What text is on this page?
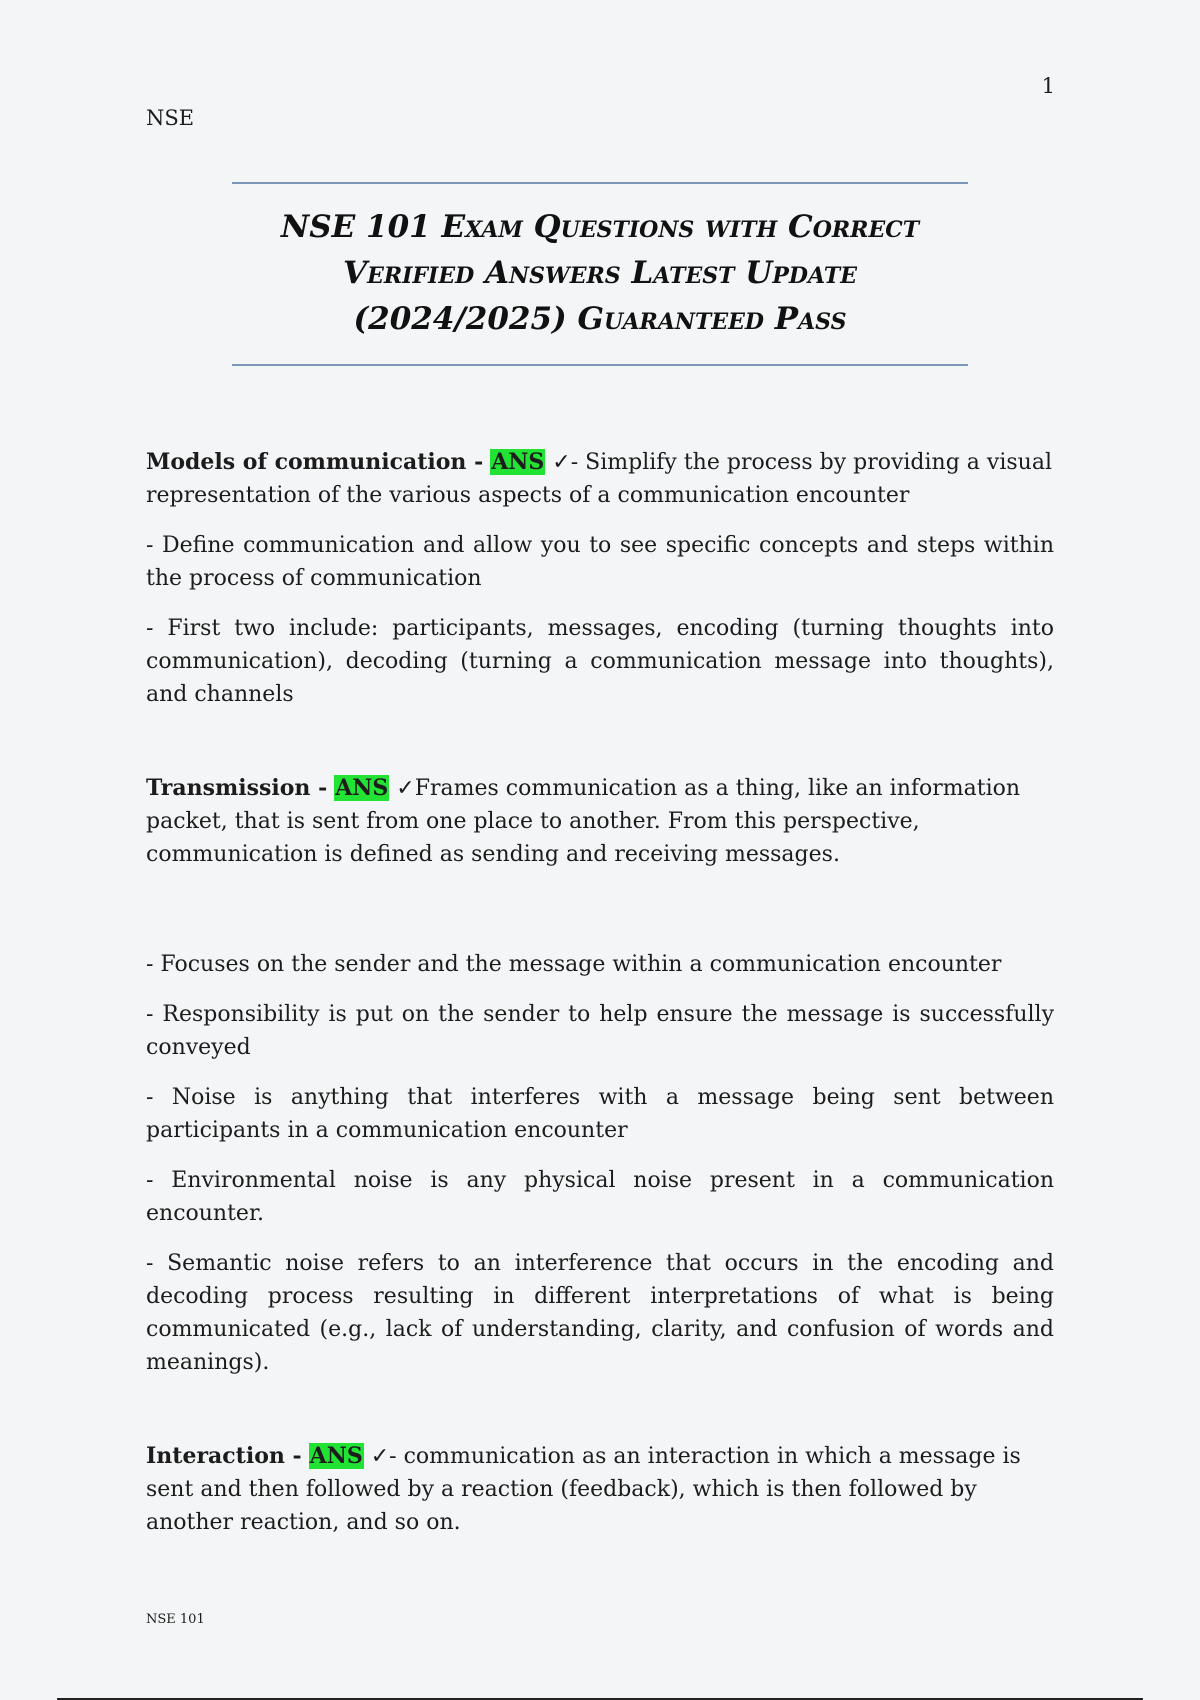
1
NSE

NSE 101 Exam Questions with Correct

Verified Answers Latest Update

(2024/2025) Guaranteed Pass

Models of communication - ANS ✓- Simplify the process by providing a visual representation of the various aspects of a communication encounter

- Define communication and allow you to see specific concepts and steps within the process of communication

- First two include: participants, messages, encoding (turning thoughts into communication), decoding (turning a communication message into thoughts), and channels

Transmission - ANS ✓Frames communication as a thing, like an information packet, that is sent from one place to another. From this perspective, communication is defined as sending and receiving messages.

- Focuses on the sender and the message within a communication encounter

- Responsibility is put on the sender to help ensure the message is successfully conveyed

- Noise is anything that interferes with a message being sent between participants in a communication encounter

- Environmental noise is any physical noise present in a communication encounter.

- Semantic noise refers to an interference that occurs in the encoding and decoding process resulting in different interpretations of what is being communicated (e.g., lack of understanding, clarity, and confusion of words and meanings).

Interaction - ANS ✓- communication as an interaction in which a message is sent and then followed by a reaction (feedback), which is then followed by another reaction, and so on.

NSE 101
